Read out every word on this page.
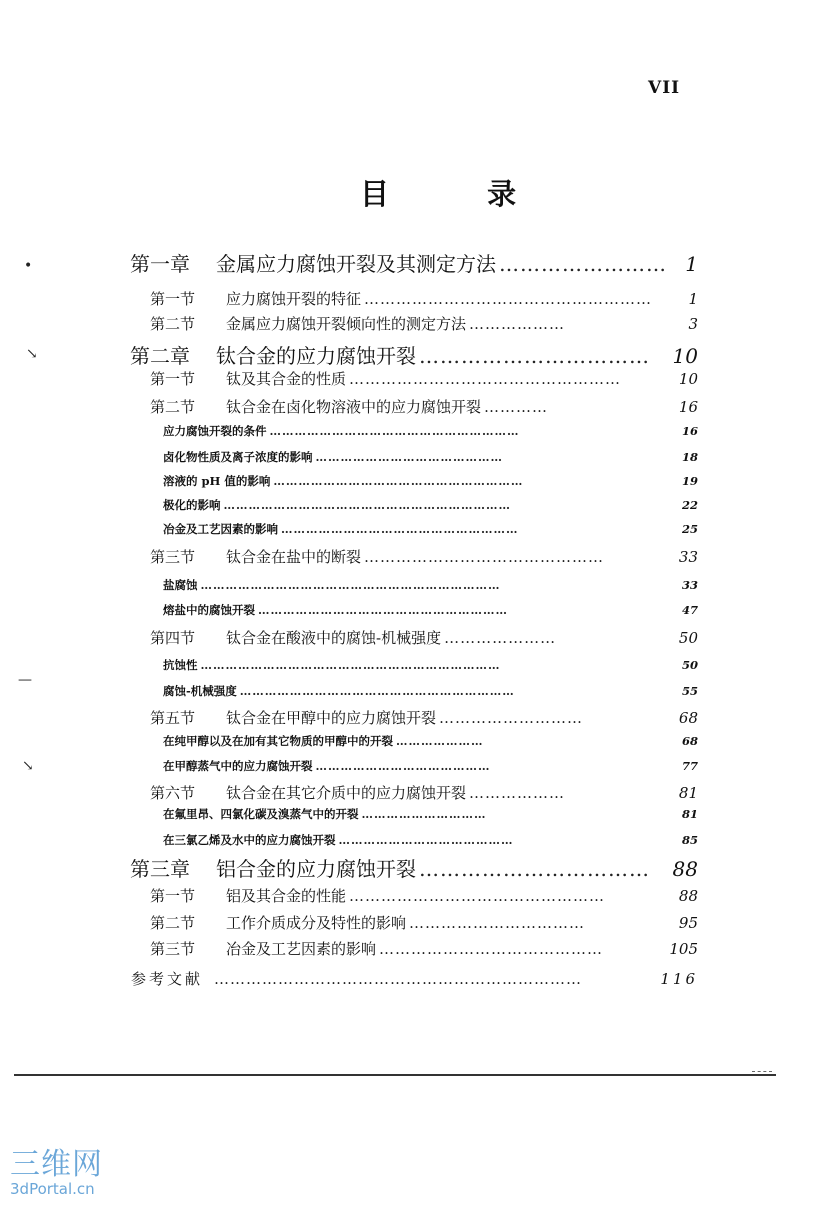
VII
目 录
•
↘
—
↘
第一章	金属应力腐蚀开裂及其测定方法 …………………… 1
第一节	应力腐蚀开裂的特征 ………………………………………………	1
第二节	金属应力腐蚀开裂倾向性的测定方法 ………………	3
第二章	钛合金的应力腐蚀开裂 ……………………………	10
第一节	钛及其合金的性质 ……………………………………………	10
第二节	钛合金在卤化物溶液中的应力腐蚀开裂 …………	16
应力腐蚀开裂的条件 ……………………………………………………	16
卤化物性质及离子浓度的影响 ………………………………………	18
溶液的 pH 值的影响 ……………………………………………………	19
极化的影响 ……………………………………………………………	22
冶金及工艺因素的影响 …………………………………………………	25
第三节	钛合金在盐中的断裂 ………………………………………	33
盐腐蚀 ………………………………………………………………	33
熔盐中的腐蚀开裂 ……………………………………………………	47
第四节	钛合金在酸液中的腐蚀-机械强度 …………………	50
抗蚀性 ………………………………………………………………	50
腐蚀-机械强度 …………………………………………………………	55
第五节	钛合金在甲醇中的应力腐蚀开裂 ………………………	68
在纯甲醇以及在加有其它物质的甲醇中的开裂 …………………	68
在甲醇蒸气中的应力腐蚀开裂 ……………………………………	77
第六节	钛合金在其它介质中的应力腐蚀开裂 ………………	81
在氟里昂、四氯化碳及溴蒸气中的开裂 …………………………	81
在三氯乙烯及水中的应力腐蚀开裂 ……………………………………	85
第三章	铝合金的应力腐蚀开裂 ……………………………	88
第一节	铝及其合金的性能 …………………………………………	88
第二节	工作介质成分及特性的影响 ……………………………	95
第三节	冶金及工艺因素的影响 ……………………………………	105
参考文献 ……………………………………………………………	116
三维网
3dPortal.cn
